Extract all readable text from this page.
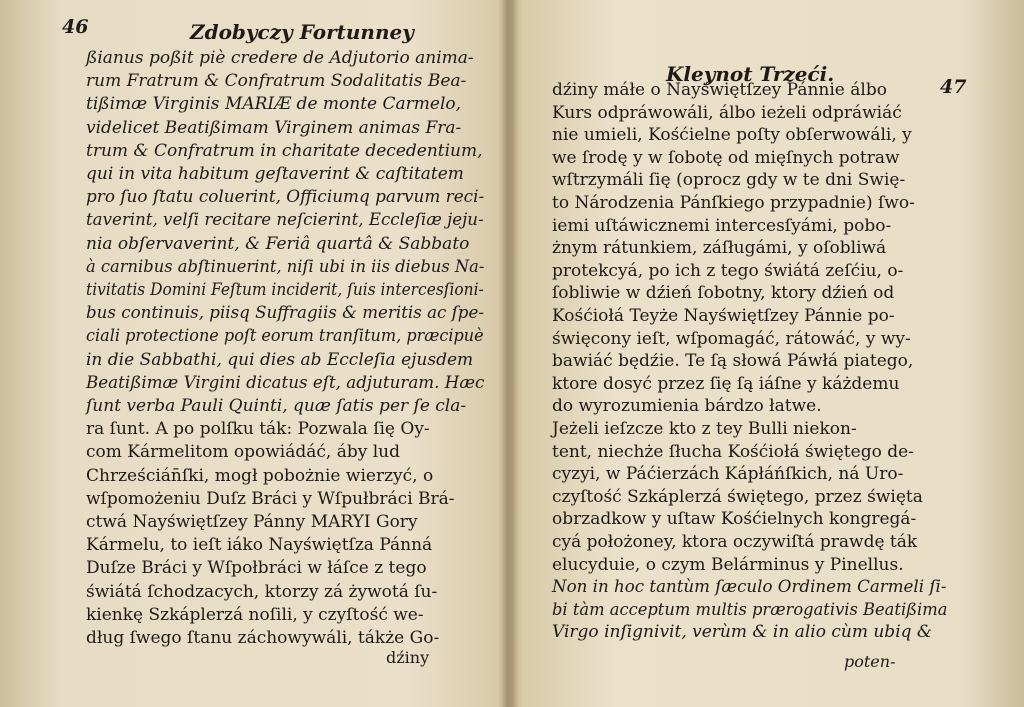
46	Zdobyczy Fortunney
ßianus poßit piè credere de Adjutorio anima-
rum Fratrum & Confratrum Sodalitatis Bea-
tißimæ Virginis MARIÆ de monte Carmelo,
videlicet Beatißimam Virginem animas Fra-
trum & Confratrum in charitate decedentium,
qui in vita habitum geſtaverint & caſtitatem
pro ſuo ſtatu coluerint, Officiumq parvum reci-
taverint, velſi recitare neſcierint, Eccleſiæ jeju-
nia obſervaverint, & Feriâ quartâ & Sabbato
à carnibus abſtinuerint, niſi ubi in iis diebus Na-
tivitatis Domini Feſtum inciderit, ſuis intercesſioni-
bus continuis, piisq Suffragiis & meritis ac ſpe-
ciali protectione poſt eorum tranſitum, præcipuè
in die Sabbathi, qui dies ab Eccleſia ejusdem
Beatißimæ Virgini dicatus eſt, adjuturam. Hæc
ſunt verba Pauli Quinti, quæ ſatis per ſe cla-
ra ſunt. A po polſku ták: Pozwala ſię Oy-
com Kármelitom opowiádáć, áby lud
Chrześcián̄ſki, mogł pobożnie wierzyć, o
wſpomożeniu Duſz Bráci y Wſpułbráci Brá-
ctwá Nayświętſzey Pánny MARYI Gory
Kármelu, to ieſt iáko Nayświętſza Pánná
Duſze Bráci y Wſpołbráci w łáſce z tego
świátá ſchodzacych, ktorzy zá żywotá ſu-
kienkę Szkáplerzá noſili, y czyſtość we-
dług ſwego ſtanu záchowywáli, tákże Go-
dźiny
Kleynot Trzeći.
47
dźiny máłe o Nayświętſzey Pánnie álbo
Kurs odpráwowáli, álbo ieżeli odpráwiáć
nie umieli, Kośćielne poſty obſerwowáli, y
we ſrodę y w ſobotę od mięſnych potraw
wſtrzymáli ſię (oprocz gdy w te dni Swię-
to Národzenia Pánſkiego przypadnie) ſwo-
iemi uſtáwicznemi intercesſyámi, pobo-
żnym rátunkiem, záſługámi, y oſobliwá
protekcyá, po ich z tego świátá zeſćiu, o-
ſobliwie w dźień ſobotny, ktory dźień od
Kośćiołá Teyże Nayświętſzey Pánnie po-
święcony ieſt, wſpomagáć, rátowáć, y wy-
bawiáć będźie. Te ſą słowá Páwłá piatego,
ktore dosyć przez ſię ſą iáſne y káżdemu
do wyrozumienia bárdzo łatwe.
Jeżeli ieſzcze kto z tey Bulli niekon-
tent, niechże ſłucha Kośćiołá świętego de-
cyzyi, w Páćierzách Kápłáńſkich, ná Uro-
czyſtość Szkáplerzá świętego, przez święta
obrzadkow y uſtaw Kośćielnych kongregá-
cyá położoney, ktora oczywiſtá prawdę ták
elucyduie, o czym Belárminus y Pinellus.
Non in hoc tantùm ſæculo Ordinem Carmeli ſi-
bi tàm acceptum multis prærogativis Beatißima
Virgo inſignivit, verùm & in alio cùm ubiq &
poten-
